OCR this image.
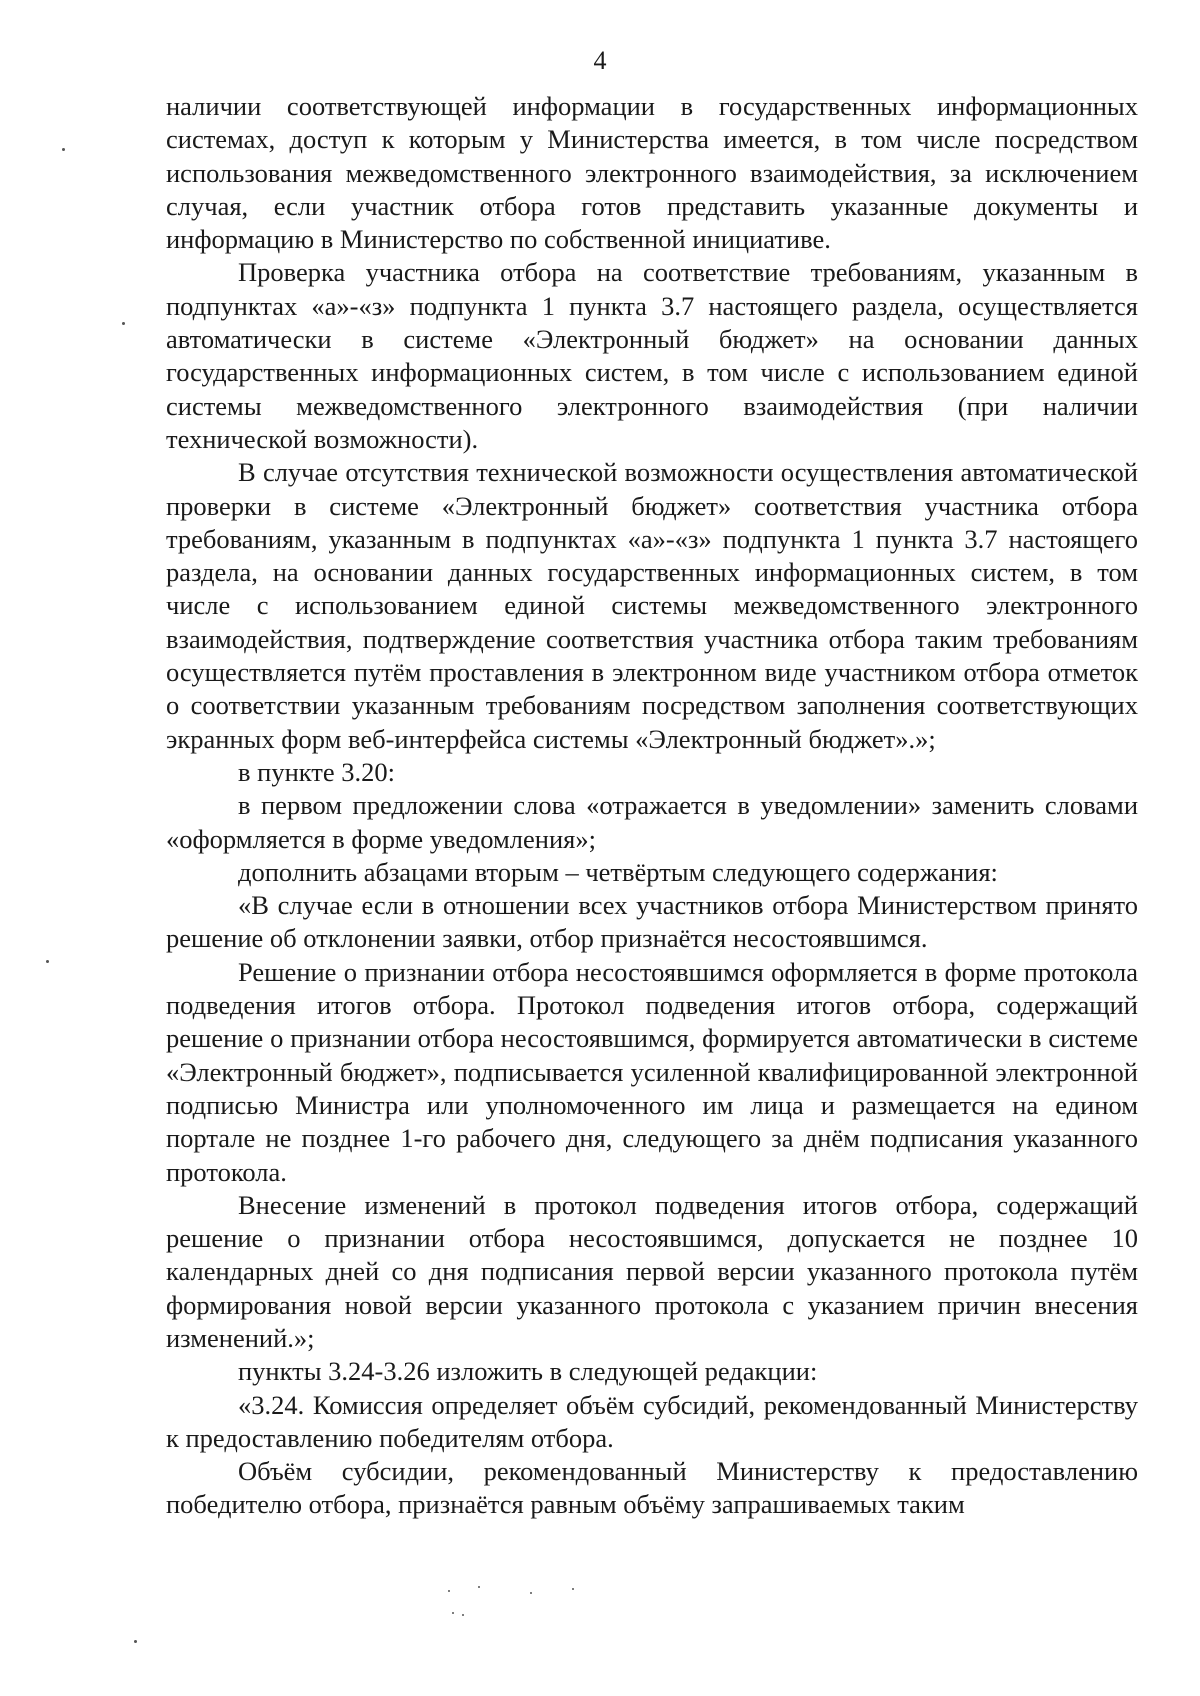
4

наличии соответствующей информации в государственных информационных системах, доступ к которым у Министерства имеется, в том числе посредством использования межведомственного электронного взаимодействия, за исключением случая, если участник отбора готов представить указанные документы и информацию в Министерство по собственной инициативе.

Проверка участника отбора на соответствие требованиям, указанным в подпунктах «а»-«з» подпункта 1 пункта 3.7 настоящего раздела, осуществляется автоматически в системе «Электронный бюджет» на основании данных государственных информационных систем, в том числе с использованием единой системы межведомственного электронного взаимодействия (при наличии технической возможности).

В случае отсутствия технической возможности осуществления автоматической проверки в системе «Электронный бюджет» соответствия участника отбора требованиям, указанным в подпунктах «а»-«з» подпункта 1 пункта 3.7 настоящего раздела, на основании данных государственных информационных систем, в том числе с использованием единой системы межведомственного электронного взаимодействия, подтверждение соответствия участника отбора таким требованиям осуществляется путём проставления в электронном виде участником отбора отметок о соответствии указанным требованиям посредством заполнения соответствующих экранных форм веб-интерфейса системы «Электронный бюджет».»;

в пункте 3.20:

в первом предложении слова «отражается в уведомлении» заменить словами «оформляется в форме уведомления»;

дополнить абзацами вторым – четвёртым следующего содержания:

«В случае если в отношении всех участников отбора Министерством принято решение об отклонении заявки, отбор признаётся несостоявшимся.

Решение о признании отбора несостоявшимся оформляется в форме протокола подведения итогов отбора. Протокол подведения итогов отбора, содержащий решение о признании отбора несостоявшимся, формируется автоматически в системе «Электронный бюджет», подписывается усиленной квалифицированной электронной подписью Министра или уполномоченного им лица и размещается на едином портале не позднее 1-го рабочего дня, следующего за днём подписания указанного протокола.

Внесение изменений в протокол подведения итогов отбора, содержащий решение о признании отбора несостоявшимся, допускается не позднее 10 календарных дней со дня подписания первой версии указанного протокола путём формирования новой версии указанного протокола с указанием причин внесения изменений.»;

пункты 3.24-3.26 изложить в следующей редакции:

«3.24. Комиссия определяет объём субсидий, рекомендованный Министерству к предоставлению победителям отбора.

Объём субсидии, рекомендованный Министерству к предоставлению победителю отбора, признаётся равным объёму запрашиваемых таким
